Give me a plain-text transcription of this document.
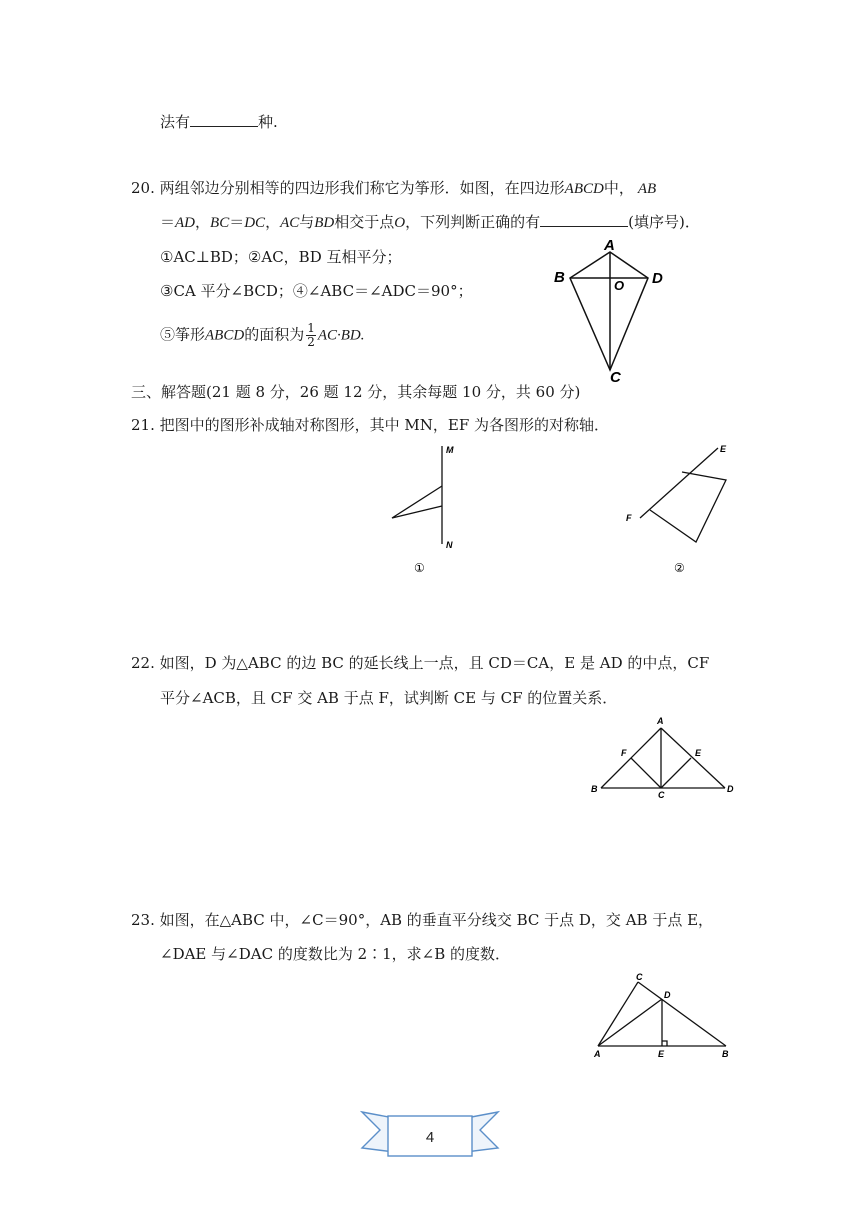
法有	种.
20. 两组邻边分别相等的四边形我们称它为筝形．如图，在四边形ABCD中， AB
＝AD，BC＝DC，AC与BD相交于点O，下列判断正确的有	(填序号)．
①AC⊥BD；②AC，BD 互相平分；
③CA 平分∠BCD；④∠ABC＝∠ADC＝90°；
⑤筝形ABCD的面积为 $\frac{1}{2} AC\cdot BD$.
A
B	O D
C
三、解答题(21 题 8 分，26 题 12 分，其余每题 10 分，共 60 分)
21. 把图中的图形补成轴对称图形，其中 MN，EF 为各图形的对称轴．
M
N
①
E
F
②
22. 如图，D 为△ABC 的边 BC 的延长线上一点，且 CD＝CA，E 是 AD 的中点，CF
平分∠ACB，且 CF 交 AB 于点 F，试判断 CE 与 CF 的位置关系．
A
B
C
D
E
F
23. 如图，在△ABC 中，∠C＝90°，AB 的垂直平分线交 BC 于点 D，交 AB 于点 E，
∠DAE 与∠DAC 的度数比为 2∶1，求∠B 的度数．
C
D
A	E	B
4
